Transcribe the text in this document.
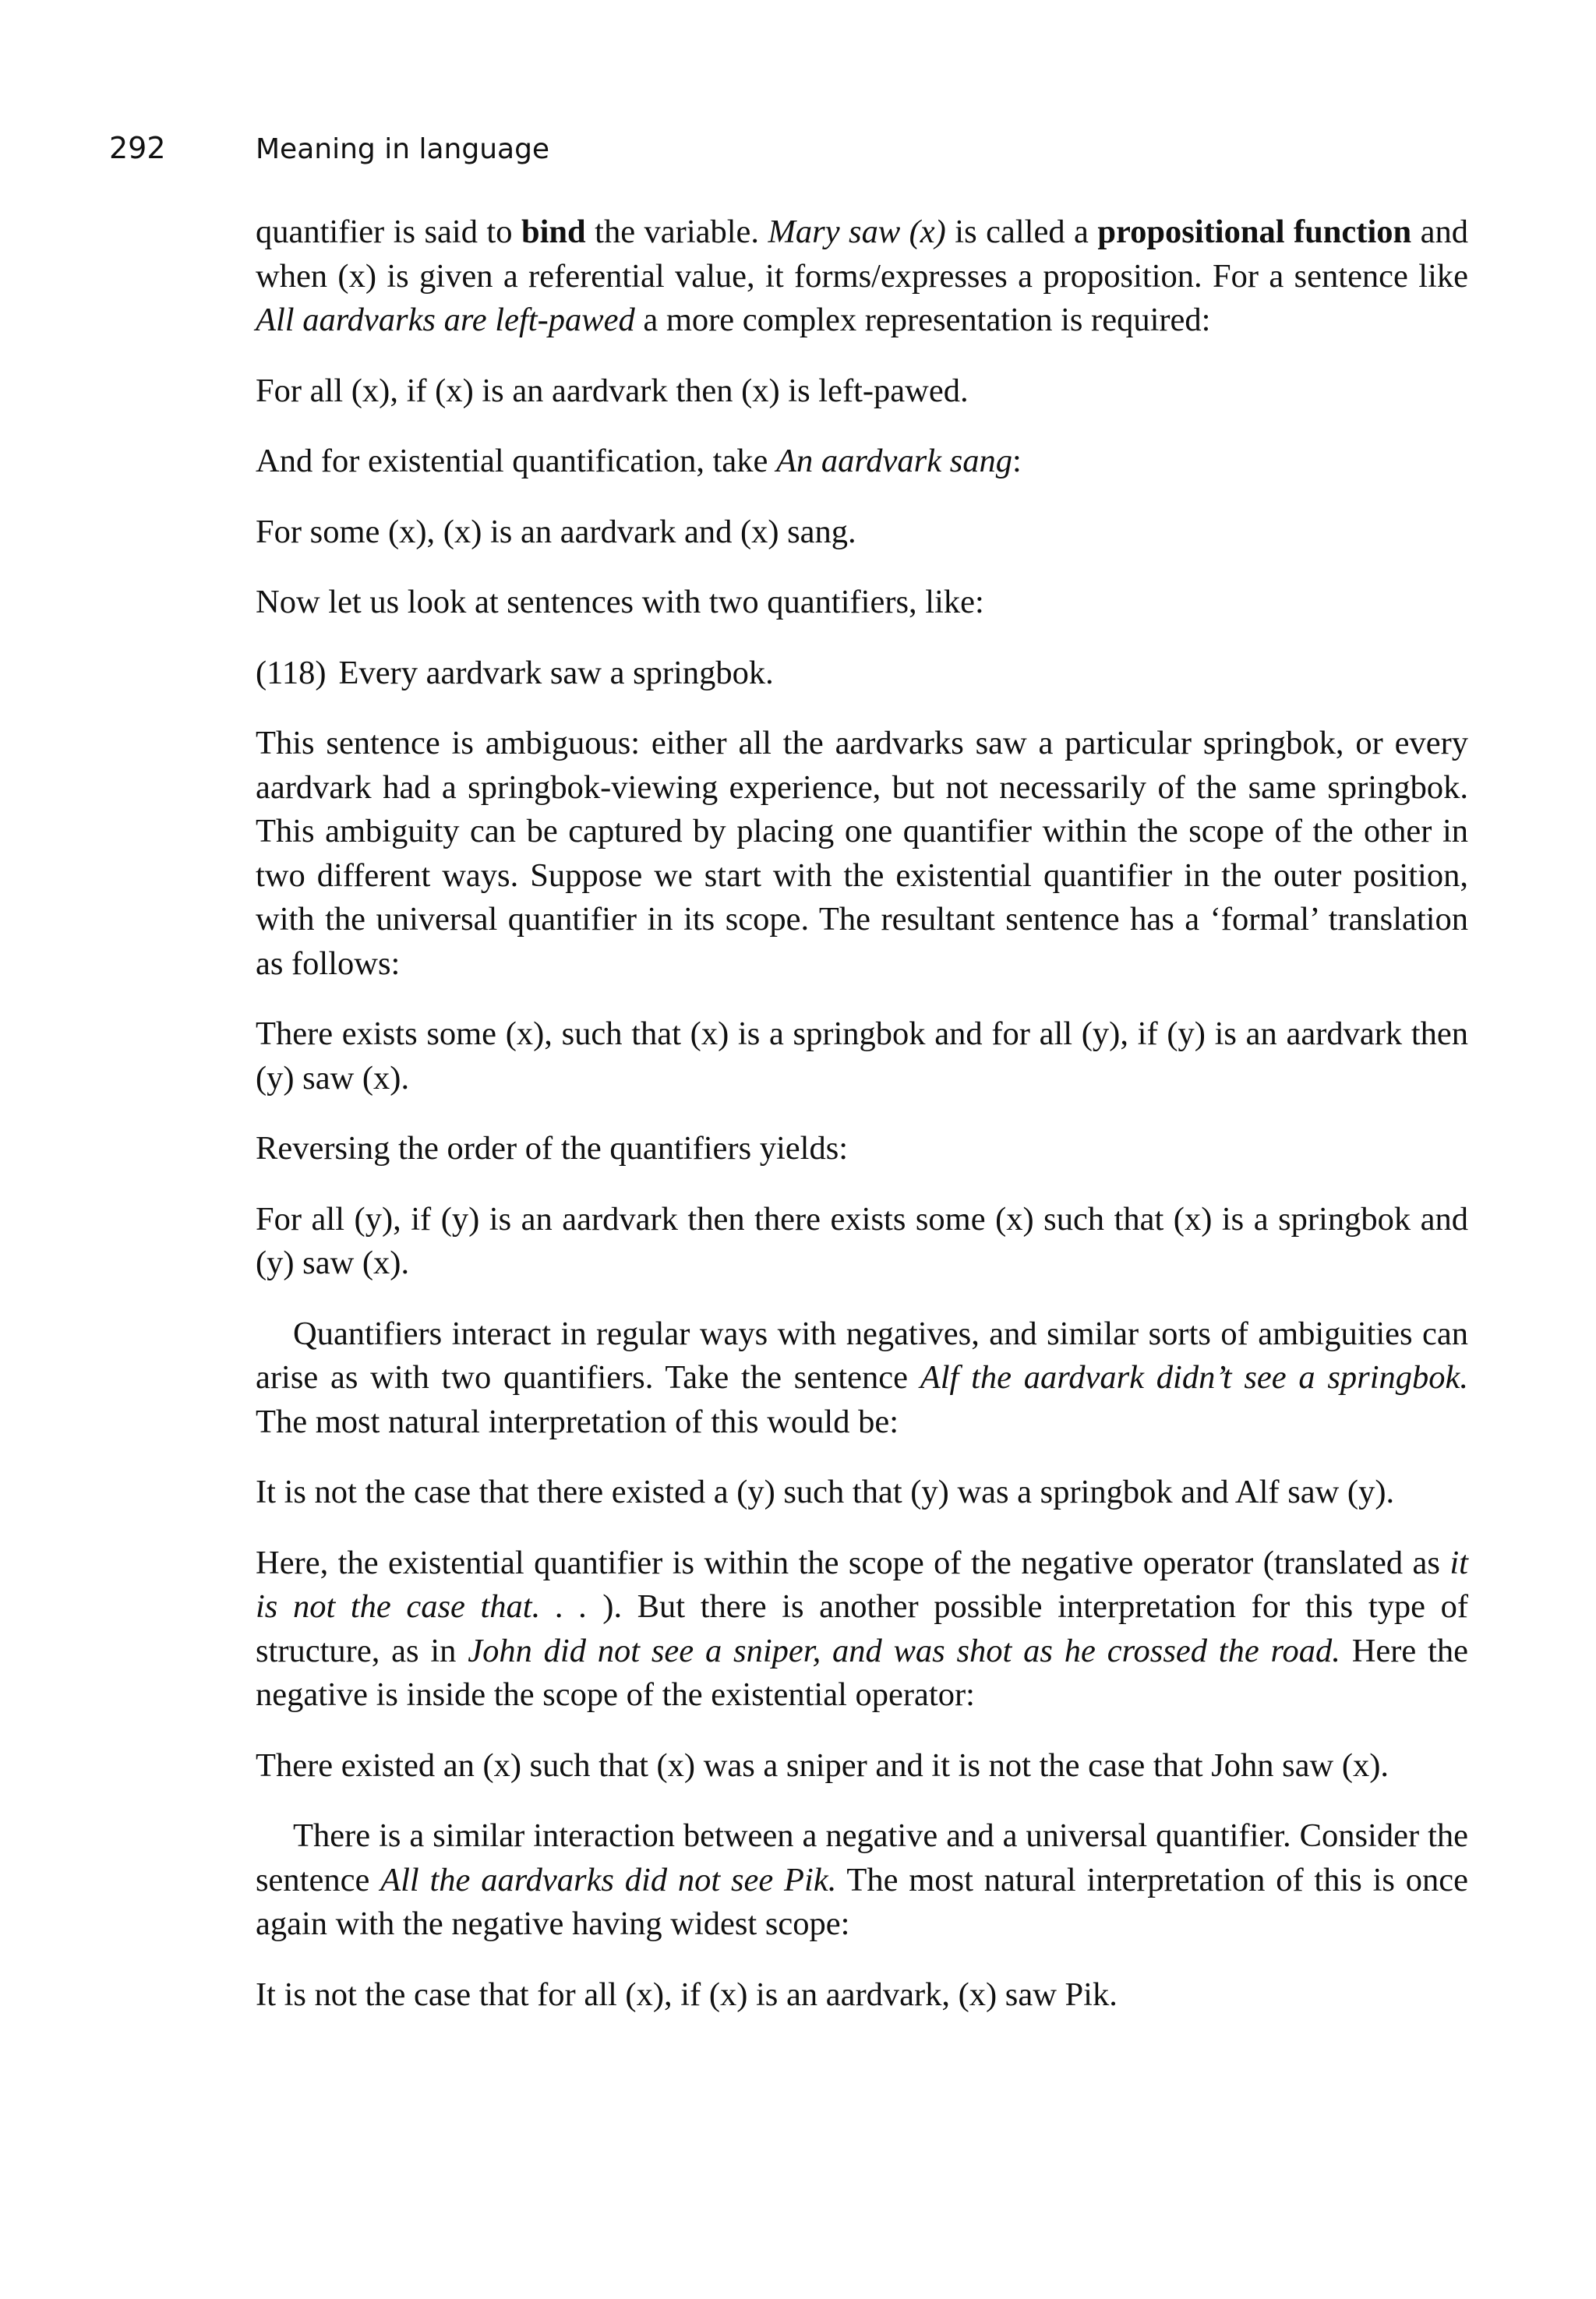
292	Meaning in language

quantifier is said to bind the variable. Mary saw (x) is called a propositional function and when (x) is given a referential value, it forms/expresses a proposition. For a sentence like All aardvarks are left-pawed a more complex representation is required:

For all (x), if (x) is an aardvark then (x) is left-pawed.

And for existential quantification, take An aardvark sang:

For some (x), (x) is an aardvark and (x) sang.

Now let us look at sentences with two quantifiers, like:

(118) Every aardvark saw a springbok.

This sentence is ambiguous: either all the aardvarks saw a particular springbok, or every aardvark had a springbok-viewing experience, but not necessarily of the same springbok. This ambiguity can be captured by placing one quantifier within the scope of the other in two different ways. Suppose we start with the existential quantifier in the outer position, with the universal quantifier in its scope. The resultant sentence has a ‘formal’ translation as follows:

There exists some (x), such that (x) is a springbok and for all (y), if (y) is an aardvark then (y) saw (x).

Reversing the order of the quantifiers yields:

For all (y), if (y) is an aardvark then there exists some (x) such that (x) is a springbok and (y) saw (x).

Quantifiers interact in regular ways with negatives, and similar sorts of ambiguities can arise as with two quantifiers. Take the sentence Alf the aardvark didn’t see a springbok. The most natural interpretation of this would be:

It is not the case that there existed a (y) such that (y) was a springbok and Alf saw (y).

Here, the existential quantifier is within the scope of the negative operator (translated as it is not the case that. . . ). But there is another possible interpretation for this type of structure, as in John did not see a sniper, and was shot as he crossed the road. Here the negative is inside the scope of the existential operator:

There existed an (x) such that (x) was a sniper and it is not the case that John saw (x).

There is a similar interaction between a negative and a universal quantifier. Consider the sentence All the aardvarks did not see Pik. The most natural interpretation of this is once again with the negative having widest scope:

It is not the case that for all (x), if (x) is an aardvark, (x) saw Pik.
